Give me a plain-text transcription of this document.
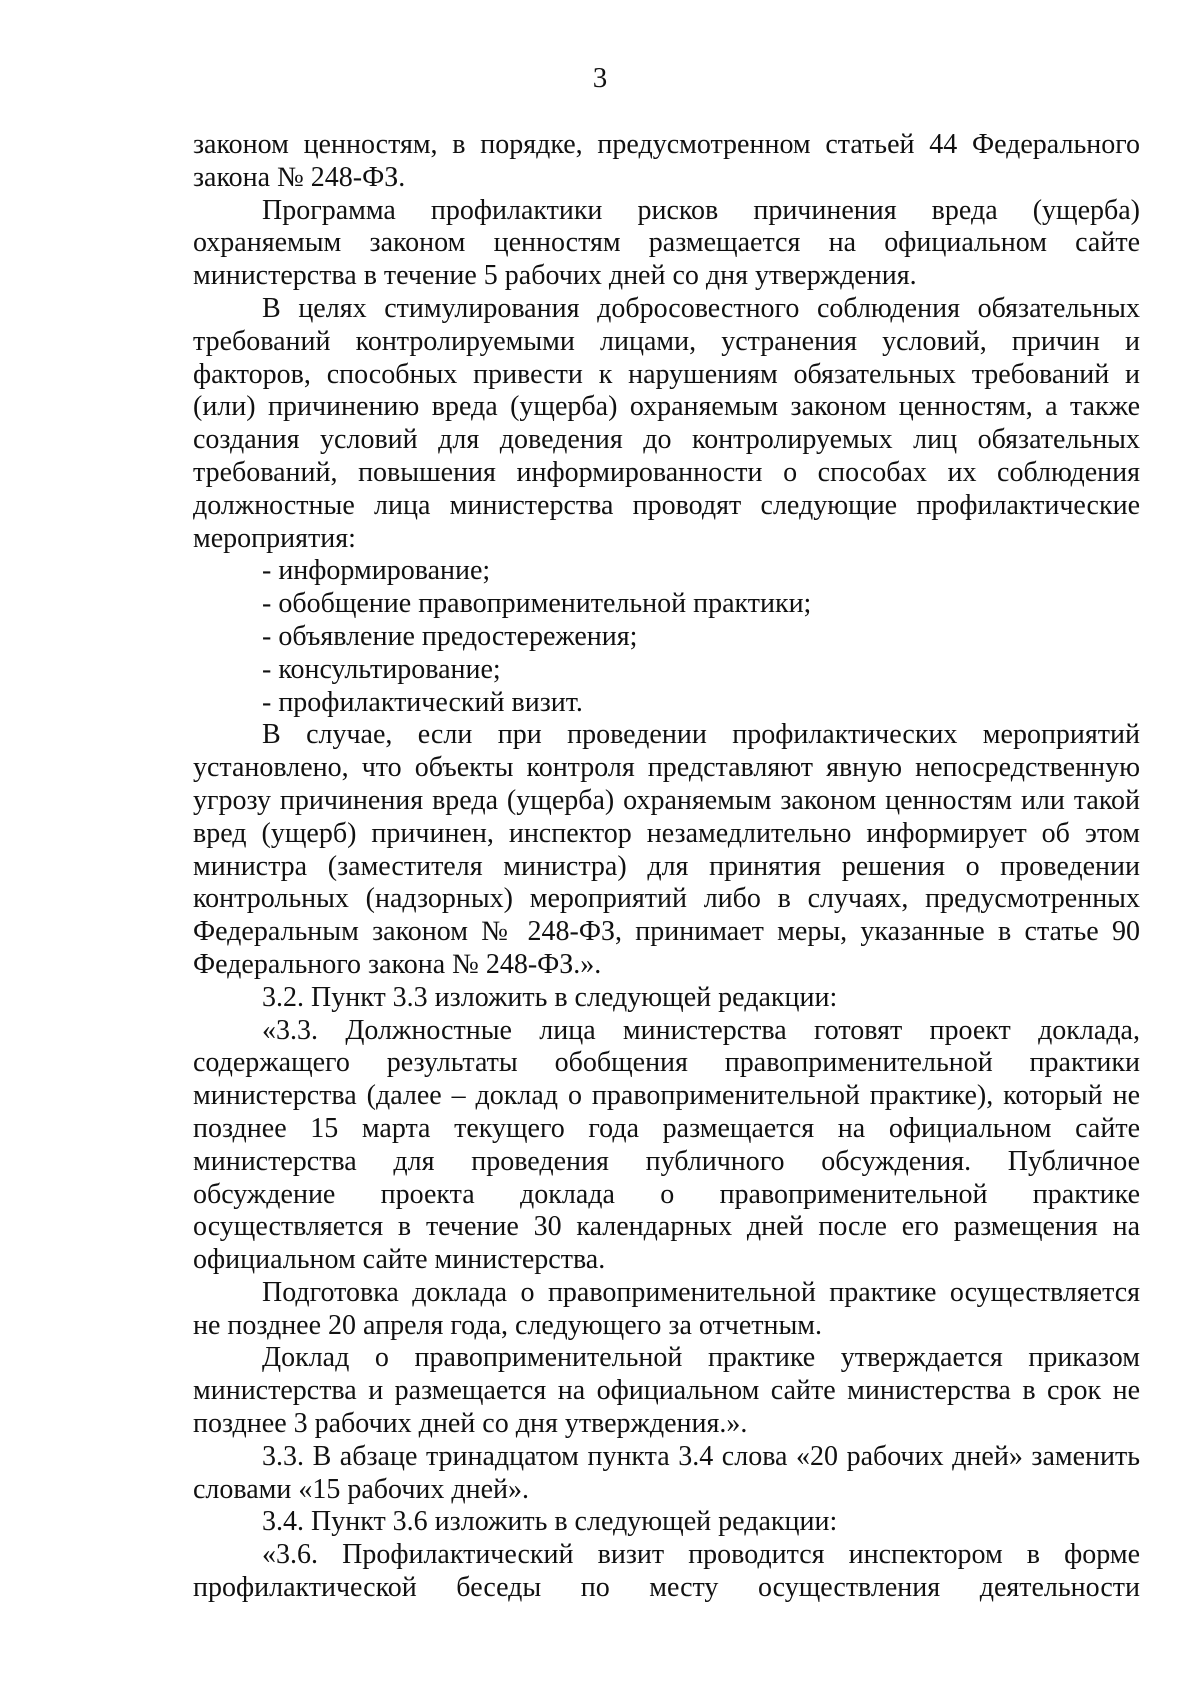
3

законом ценностям, в порядке, предусмотренном статьей 44 Федерального

закона № 248-ФЗ.

Программа профилактики рисков причинения вреда (ущерба)

охраняемым законом ценностям размещается на официальном сайте

министерства в течение 5 рабочих дней со дня утверждения.

В целях стимулирования добросовестного соблюдения обязательных

требований контролируемыми лицами, устранения условий, причин и

факторов, способных привести к нарушениям обязательных требований и

(или) причинению вреда (ущерба) охраняемым законом ценностям, а также

создания условий для доведения до контролируемых лиц обязательных

требований, повышения информированности о способах их соблюдения

должностные лица министерства проводят следующие профилактические

мероприятия:

- информирование;

- обобщение правоприменительной практики;

- объявление предостережения;

- консультирование;

- профилактический визит.

В случае, если при проведении профилактических мероприятий

установлено, что объекты контроля представляют явную непосредственную

угрозу причинения вреда (ущерба) охраняемым законом ценностям или такой

вред (ущерб) причинен, инспектор незамедлительно информирует об этом

министра (заместителя министра) для принятия решения о проведении

контрольных (надзорных) мероприятий либо в случаях, предусмотренных

Федеральным законом № 248-ФЗ, принимает меры, указанные в статье 90

Федерального закона № 248-ФЗ.».

3.2. Пункт 3.3 изложить в следующей редакции:

«3.3. Должностные лица министерства готовят проект доклада,

содержащего результаты обобщения правоприменительной практики

министерства (далее – доклад о правоприменительной практике), который не

позднее 15 марта текущего года размещается на официальном сайте

министерства для проведения публичного обсуждения. Публичное

обсуждение проекта доклада о правоприменительной практике

осуществляется в течение 30 календарных дней после его размещения на

официальном сайте министерства.

Подготовка доклада о правоприменительной практике осуществляется

не позднее 20 апреля года, следующего за отчетным.

Доклад о правоприменительной практике утверждается приказом

министерства и размещается на официальном сайте министерства в срок не

позднее 3 рабочих дней со дня утверждения.».

3.3. В абзаце тринадцатом пункта 3.4 слова «20 рабочих дней» заменить

словами «15 рабочих дней».

3.4. Пункт 3.6 изложить в следующей редакции:

«3.6. Профилактический визит проводится инспектором в форме

профилактической беседы по месту осуществления деятельности
